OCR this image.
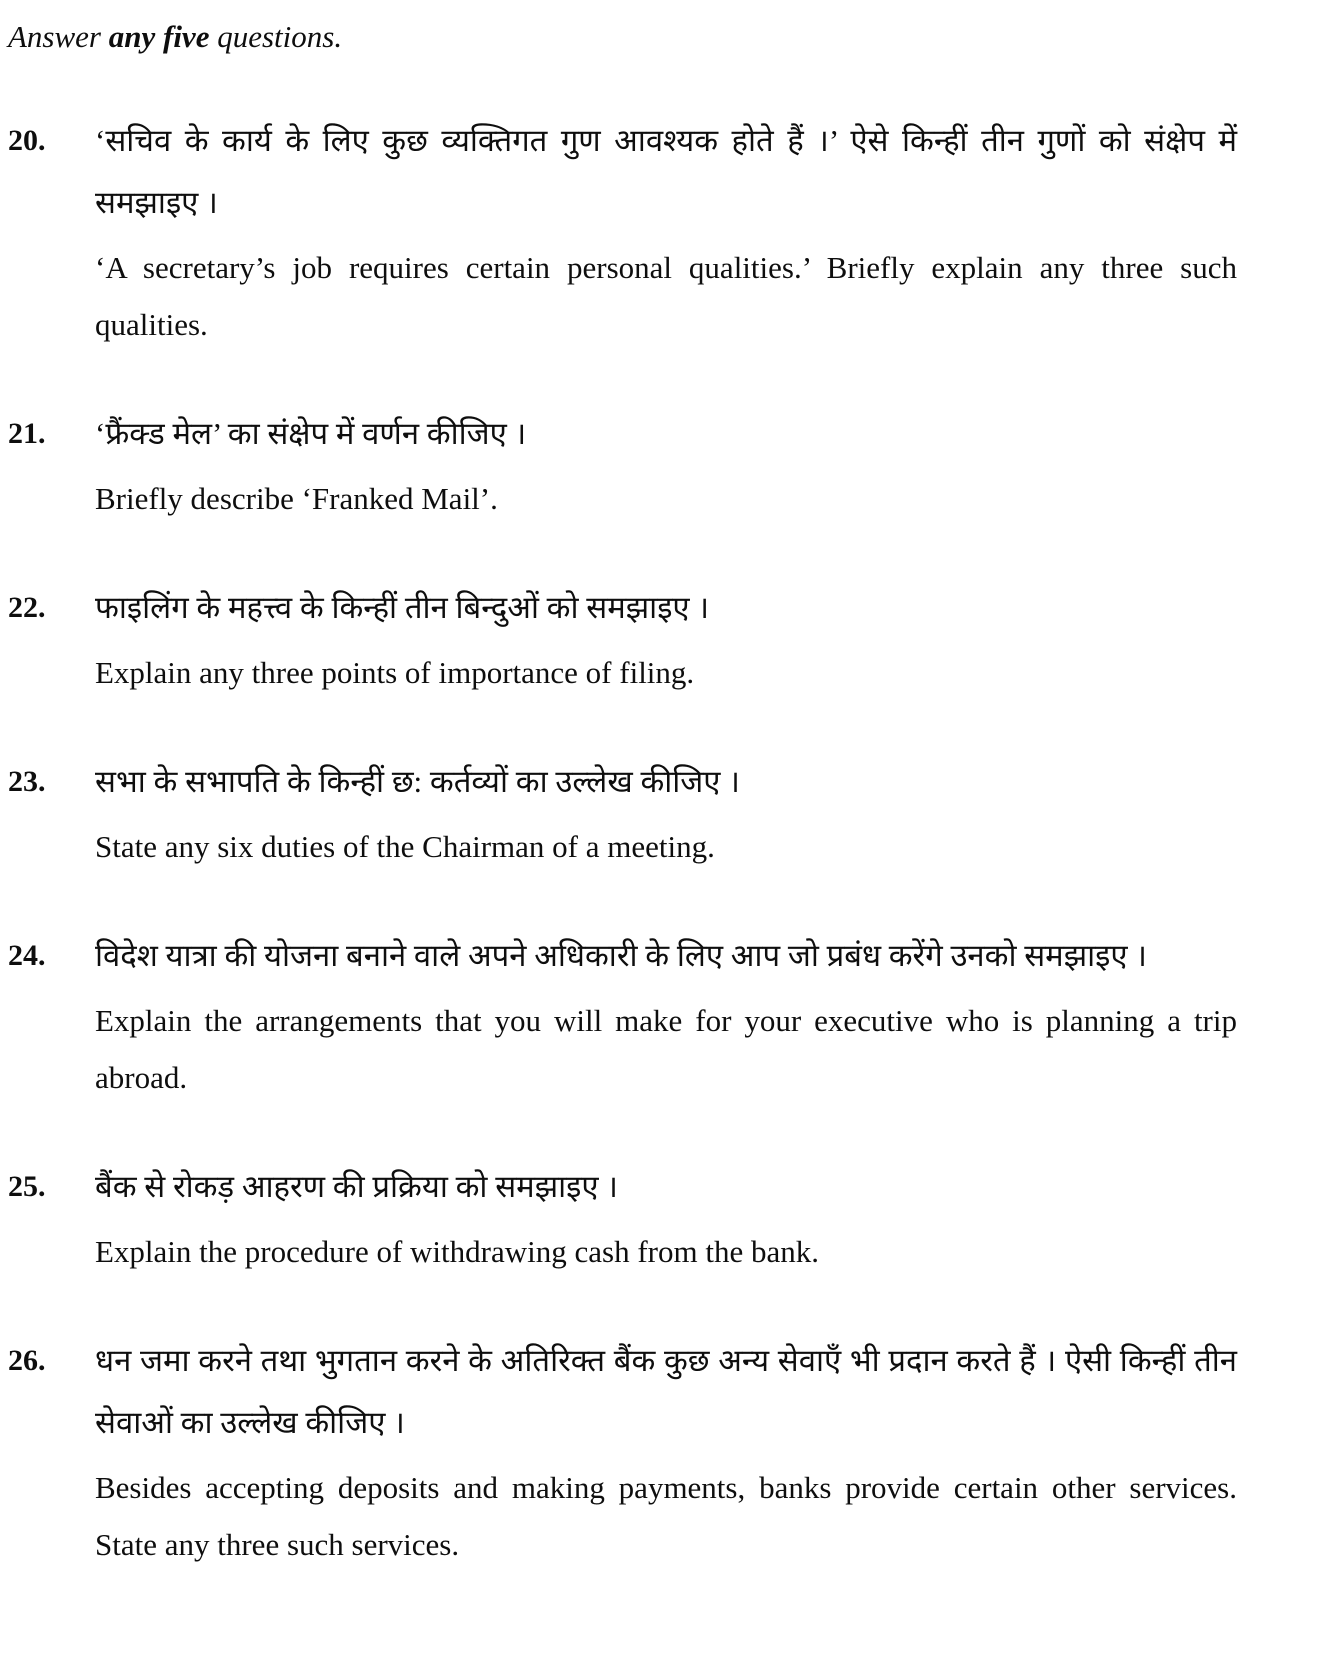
Answer any five questions.

20.	‘सचिव के कार्य के लिए कुछ व्यक्तिगत गुण आवश्यक होते हैं ।’ ऐसे किन्हीं तीन गुणों को संक्षेप में समझाइए ।

‘A secretary’s job requires certain personal qualities.’ Briefly explain any three such qualities.

21.	‘फ्रैंक्ड मेल’ का संक्षेप में वर्णन कीजिए ।

Briefly describe ‘Franked Mail’.

22.	फाइलिंग के महत्त्व के किन्हीं तीन बिन्दुओं को समझाइए ।

Explain any three points of importance of filing.

23.	सभा के सभापति के किन्हीं छ: कर्तव्यों का उल्लेख कीजिए ।

State any six duties of the Chairman of a meeting.

24.	विदेश यात्रा की योजना बनाने वाले अपने अधिकारी के लिए आप जो प्रबंध करेंगे उनको समझाइए ।

Explain the arrangements that you will make for your executive who is planning a trip abroad.

25.	बैंक से रोकड़ आहरण की प्रक्रिया को समझाइए ।

Explain the procedure of withdrawing cash from the bank.

26.	धन जमा करने तथा भुगतान करने के अतिरिक्त बैंक कुछ अन्य सेवाएँ भी प्रदान करते हैं । ऐसी किन्हीं तीन सेवाओं का उल्लेख कीजिए ।

Besides accepting deposits and making payments, banks provide certain other services. State any three such services.
